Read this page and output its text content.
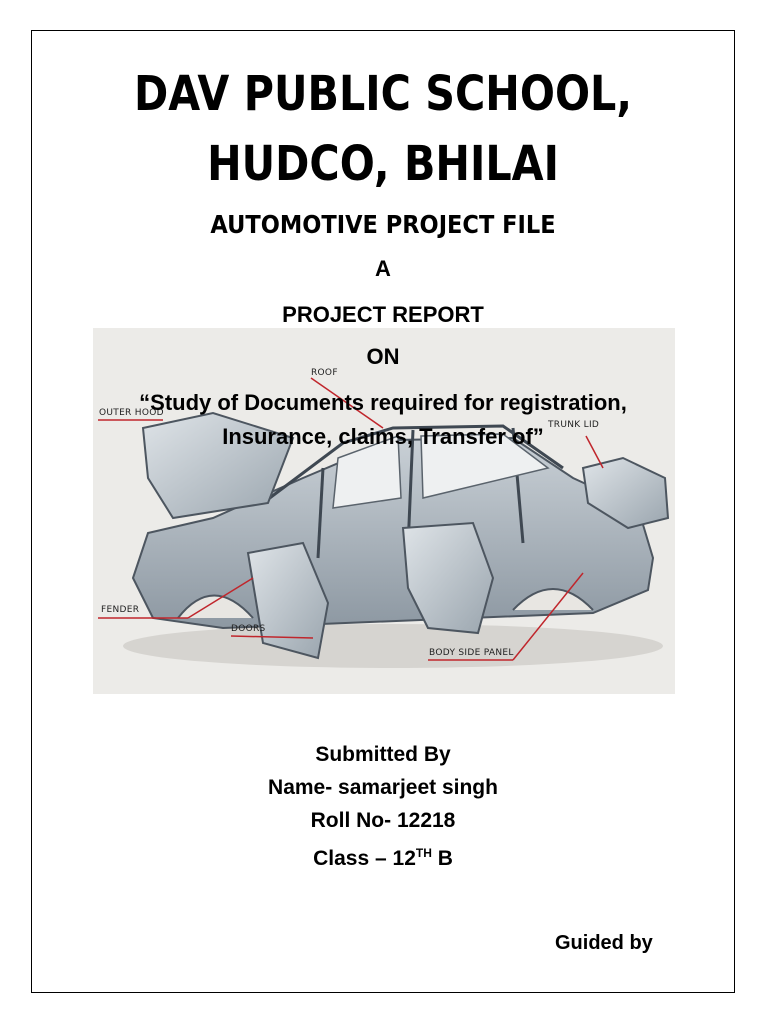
DAV PUBLIC SCHOOL,
HUDCO, BHILAI
AUTOMOTIVE PROJECT FILE
A
PROJECT REPORT
ROOF
OUTER HOOD
TRUNK LID
FENDER
DOORS
BODY SIDE PANEL
ON
“Study of Documents required for registration,
Insurance, claims, Transfer of”
Submitted By
Name- samarjeet singh
Roll No- 12218
Class – 12TH B
Guided by
